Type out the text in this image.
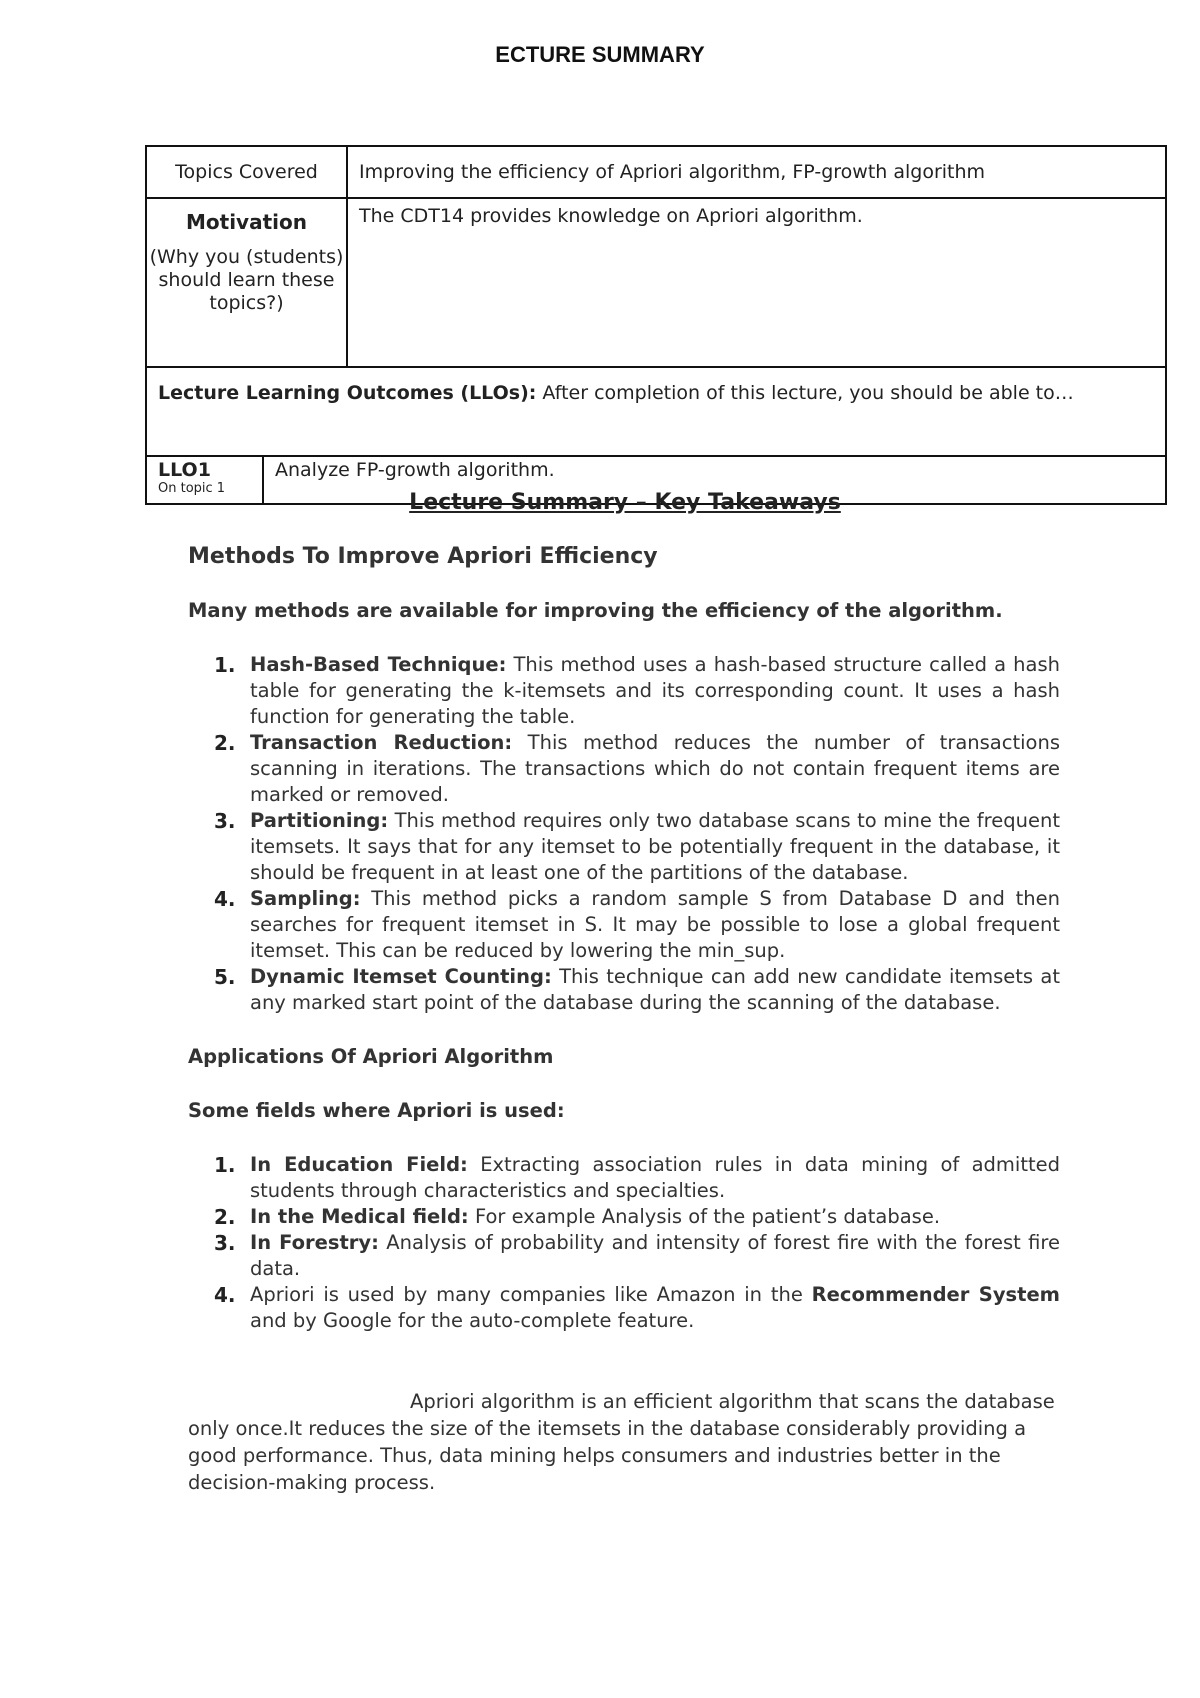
ECTURE SUMMARY
Topics Covered		Improving the efficiency of Apriori algorithm, FP-growth algorithm

Motivation
(Why you (students) should learn these topics?)		The CDT14 provides knowledge on Apriori algorithm.
Lecture Learning Outcomes (LLOs): After completion of this lecture, you should be able to…		

LLO1
On topic 1	Analyze FP-growth algorithm.	
Lecture Summary – Key Takeaways
Methods To Improve Apriori Efficiency
Many methods are available for improving the efficiency of the algorithm.
Hash-Based Technique: This method uses a hash-based structure called a hash table for generating the k-itemsets and its corresponding count. It uses a hash function for generating the table.
Transaction Reduction: This method reduces the number of transactions scanning in iterations. The transactions which do not contain frequent items are marked or removed.
Partitioning: This method requires only two database scans to mine the frequent itemsets. It says that for any itemset to be potentially frequent in the database, it should be frequent in at least one of the partitions of the database.
Sampling: This method picks a random sample S from Database D and then searches for frequent itemset in S. It may be possible to lose a global frequent itemset. This can be reduced by lowering the min_sup.
Dynamic Itemset Counting: This technique can add new candidate itemsets at any marked start point of the database during the scanning of the database.
Applications Of Apriori Algorithm
Some fields where Apriori is used:
In Education Field: Extracting association rules in data mining of admitted students through characteristics and specialties.
In the Medical field: For example Analysis of the patient’s database.
In Forestry: Analysis of probability and intensity of forest fire with the forest fire data.
Apriori is used by many companies like Amazon in the Recommender System and by Google for the auto-complete feature.
Apriori algorithm is an efficient algorithm that scans the database only once.It reduces the size of the itemsets in the database considerably providing a good performance. Thus, data mining helps consumers and industries better in the decision-making process.
